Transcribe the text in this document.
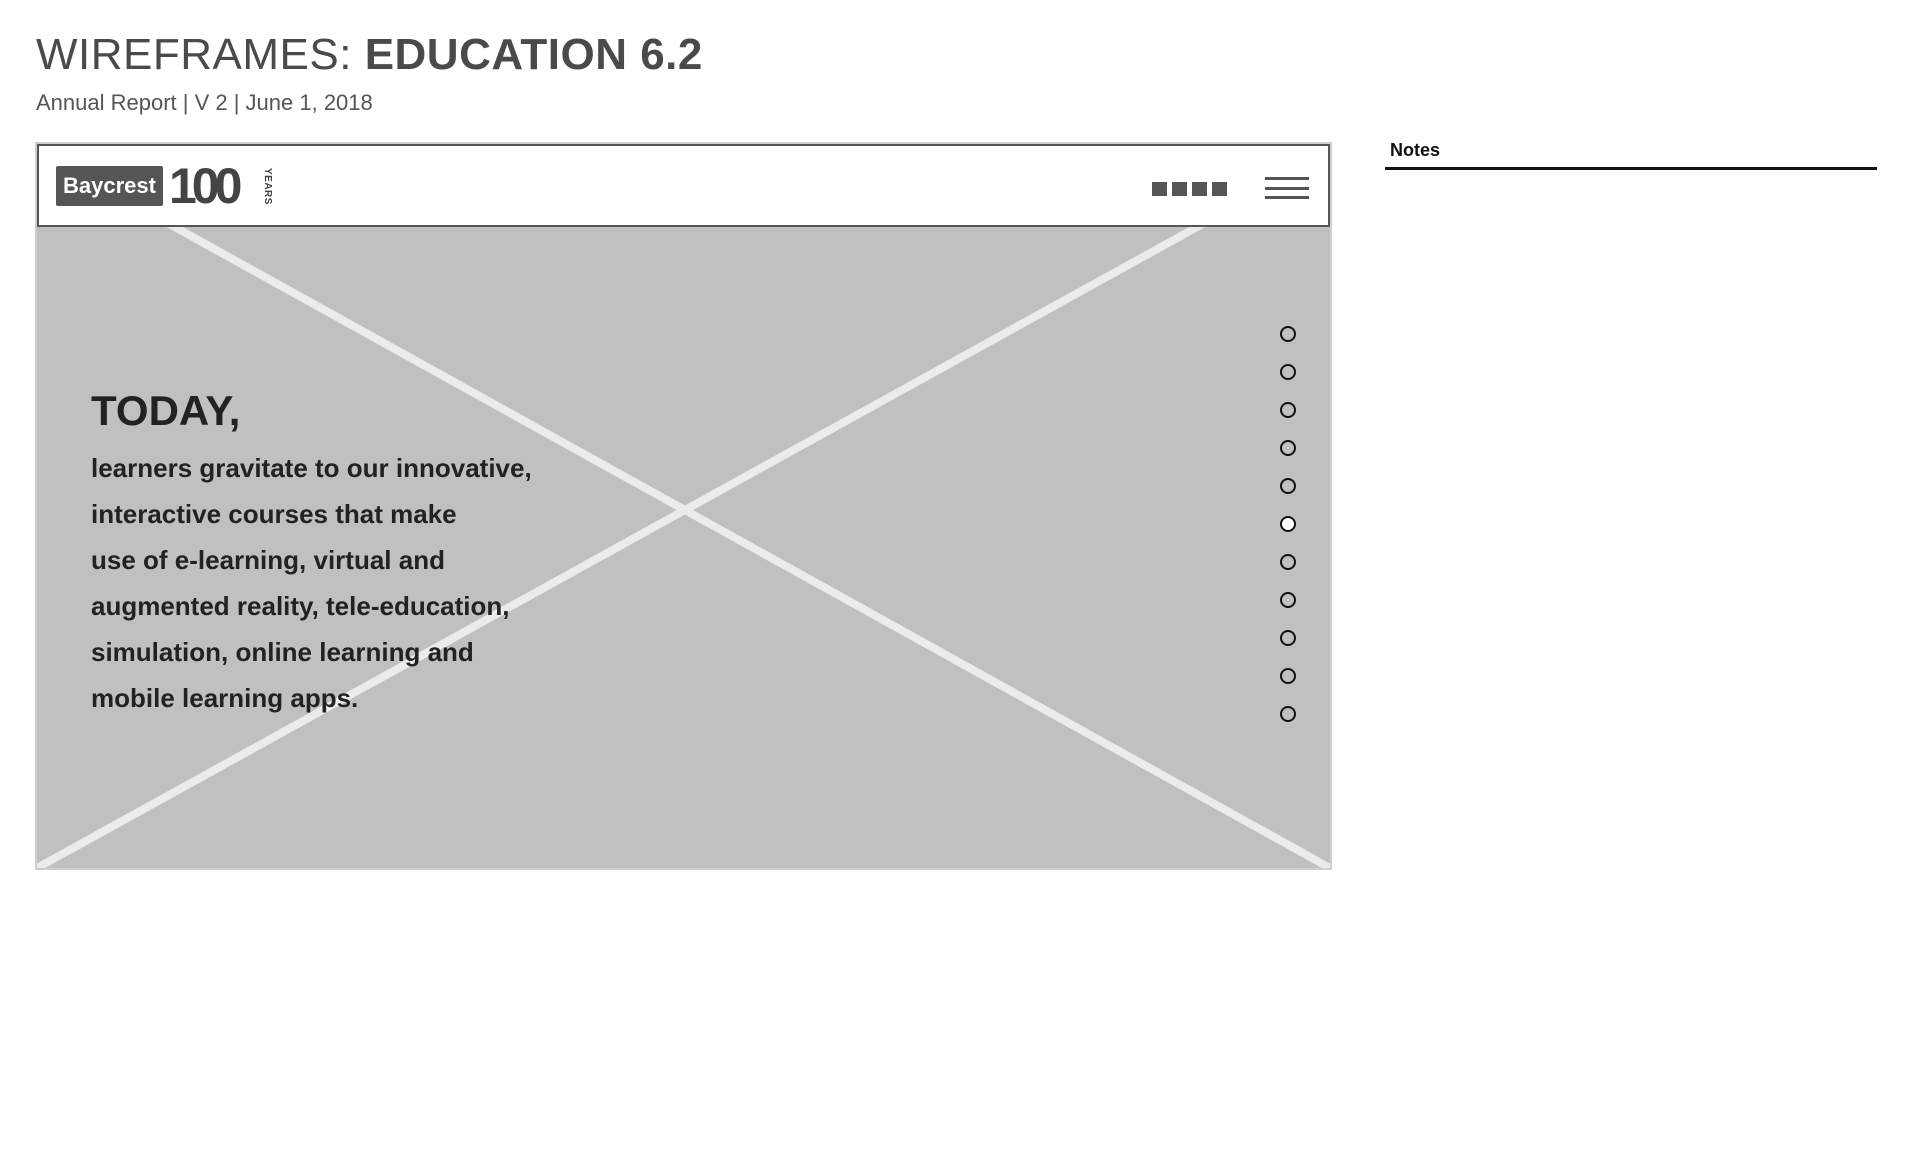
WIREFRAMES: EDUCATION 6.2
Annual Report | V 2 | June 1, 2018
Baycrest 100 YEARS
TODAY,

learners gravitate to our innovative,
interactive courses that make
use of e-learning, virtual and
augmented reality, tele-education,
simulation, online learning and
mobile learning apps.

Notes
